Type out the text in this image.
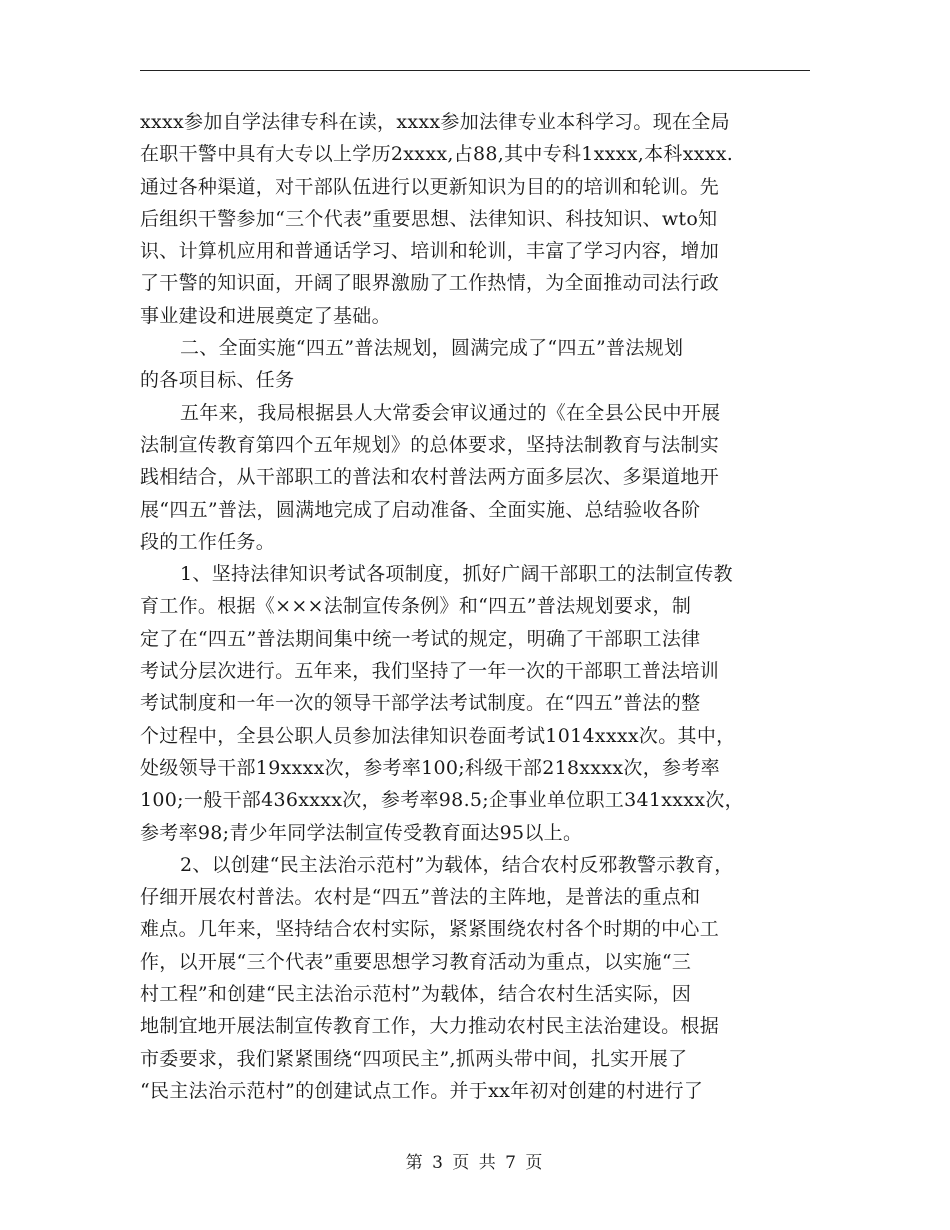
xxxx参加自学法律专科在读，xxxx参加法律专业本科学习。现在全局
在职干警中具有大专以上学历2xxxx,占88,其中专科1xxxx,本科xxxx.
通过各种渠道，对干部队伍进行以更新知识为目的的培训和轮训。先
后组织干警参加“三个代表”重要思想、法律知识、科技知识、wto知
识、计算机应用和普通话学习、培训和轮训，丰富了学习内容，增加
了干警的知识面，开阔了眼界激励了工作热情，为全面推动司法行政
事业建设和进展奠定了基础。
二、全面实施“四五”普法规划，圆满完成了“四五”普法规划
的各项目标、任务
五年来，我局根据县人大常委会审议通过的《在全县公民中开展
法制宣传教育第四个五年规划》的总体要求，坚持法制教育与法制实
践相结合，从干部职工的普法和农村普法两方面多层次、多渠道地开
展“四五”普法，圆满地完成了启动准备、全面实施、总结验收各阶
段的工作任务。
1、坚持法律知识考试各项制度，抓好广阔干部职工的法制宣传教
育工作。根据《×××法制宣传条例》和“四五”普法规划要求，制
定了在“四五”普法期间集中统一考试的规定，明确了干部职工法律
考试分层次进行。五年来，我们坚持了一年一次的干部职工普法培训
考试制度和一年一次的领导干部学法考试制度。在“四五”普法的整
个过程中，全县公职人员参加法律知识卷面考试1014xxxx次。其中，
处级领导干部19xxxx次，参考率100;科级干部218xxxx次，参考率
100;一般干部436xxxx次，参考率98.5;企事业单位职工341xxxx次，
参考率98;青少年同学法制宣传受教育面达95以上。
2、以创建“民主法治示范村”为载体，结合农村反邪教警示教育，
仔细开展农村普法。农村是“四五”普法的主阵地，是普法的重点和
难点。几年来，坚持结合农村实际，紧紧围绕农村各个时期的中心工
作，以开展“三个代表”重要思想学习教育活动为重点，以实施“三
村工程”和创建“民主法治示范村”为载体，结合农村生活实际，因
地制宜地开展法制宣传教育工作，大力推动农村民主法治建设。根据
市委要求，我们紧紧围绕“四项民主”,抓两头带中间，扎实开展了
“民主法治示范村”的创建试点工作。并于xx年初对创建的村进行了
第 3 页 共 7 页
